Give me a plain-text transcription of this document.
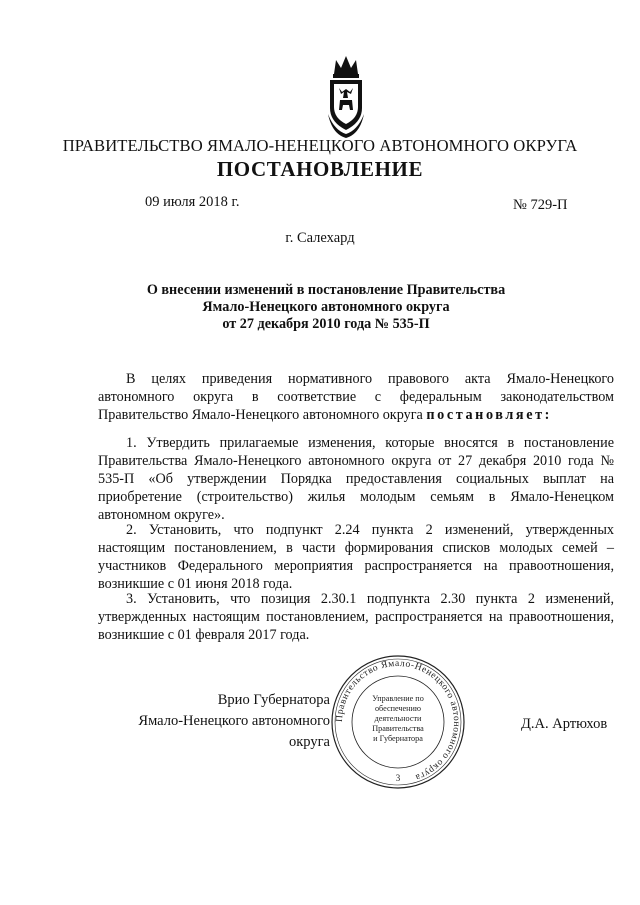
ПРАВИТЕЛЬСТВО ЯМАЛО-НЕНЕЦКОГО АВТОНОМНОГО ОКРУГА
ПОСТАНОВЛЕНИЕ
09 июля 2018 г.	№ 729-П
г. Салехард
О внесении изменений в постановление Правительства
Ямало-Ненецкого автономного округа
от 27 декабря 2010 года № 535-П
В целях приведения нормативного правового акта Ямало-Ненецкого автономного округа в соответствие с федеральным законодательством Правительство Ямало-Ненецкого автономного округа постановляет:
1. Утвердить прилагаемые изменения, которые вносятся в постановление Правительства Ямало-Ненецкого автономного округа от 27 декабря 2010 года № 535-П «Об утверждении Порядка предоставления социальных выплат на приобретение (строительство) жилья молодым семьям в Ямало-Ненецком автономном округе».
2. Установить, что подпункт 2.24 пункта 2 изменений, утвержденных настоящим постановлением, в части формирования списков молодых семей – участников Федерального мероприятия распространяется на правоотношения, возникшие с 01 июня 2018 года.
3. Установить, что позиция 2.30.1 подпункта 2.30 пункта 2 изменений, утвержденных настоящим постановлением, распространяется на правоотношения, возникшие с 01 февраля 2017 года.
Врио Губернатора
Ямало-Ненецкого автономного округа
Правительство Ямало-Ненецкого автономного округа
3
Управление по
обеспечению
деятельности
Правительства
и Губернатора
Д.А. Артюхов
